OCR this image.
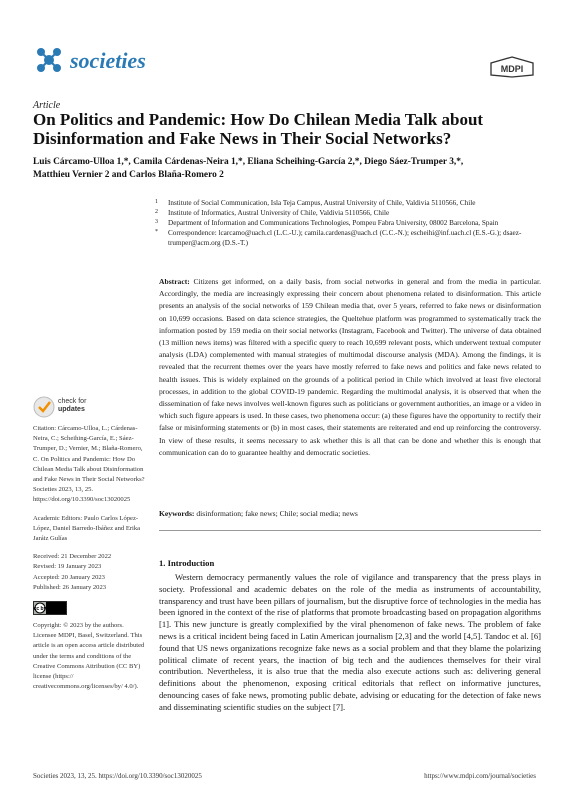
societies	MDPI
Article
On Politics and Pandemic: How Do Chilean Media Talk about Disinformation and Fake News in Their Social Networks?
Luis Cárcamo-Ulloa 1,*, Camila Cárdenas-Neira 1,*, Eliana Scheihing-García 2,*, Diego Sáez-Trumper 3,*,
Matthieu Vernier 2 and Carlos Blaña-Romero 2
1 Institute of Social Communication, Isla Teja Campus, Austral University of Chile, Valdivia 5110566, Chile
2 Institute of Informatics, Austral University of Chile, Valdivia 5110566, Chile
3 Department of Information and Communications Technologies, Pompeu Fabra University, 08002 Barcelona, Spain
* Correspondence: lcarcamo@uach.cl (L.C.-U.); camila.cardenas@uach.cl (C.C.-N.); escheihi@inf.uach.cl (E.S.-G.); dsaez-trumper@acm.org (D.S.-T.)
Abstract: Citizens get informed, on a daily basis, from social networks in general and from the media in particular. Accordingly, the media are increasingly expressing their concern about phenomena related to disinformation. This article presents an analysis of the social networks of 159 Chilean media that, over 5 years, referred to fake news or disinformation on 10,699 occasions. Based on data science strategies, the Queltehue platform was programmed to systematically track the information posted by 159 media on their social networks (Instagram, Facebook and Twitter). The universe of data obtained (13 million news items) was filtered with a specific query to reach 10,699 relevant posts, which underwent textual computer analysis (LDA) complemented with manual strategies of multimodal discourse analysis (MDA). Among the findings, it is revealed that the recurrent themes over the years have mostly referred to fake news and politics and fake news related to health issues. This is widely explained on the grounds of a political period in Chile which involved at least five electoral processes, in addition to the global COVID-19 pandemic. Regarding the multimodal analysis, it is observed that when the dissemination of fake news involves well-known figures such as politicians or government authorities, an image or a video in which such figure appears is used. In these cases, two phenomena occur: (a) these figures have the opportunity to rectify their false or misinforming statements or (b) in most cases, their statements are reiterated and end up reinforcing the controversy. In view of these results, it seems necessary to ask whether this is all that can be done and whether this is enough that communication can do to guarantee healthy and democratic societies.
Keywords: disinformation; fake news; Chile; social media; news
check for
updates

Citation: Cárcamo-Ulloa, L.; Cárdenas-Neira, C.; Scheihing-García, E.; Sáez-Trumper, D.; Vernier, M.; Blaña-Romero, C. On Politics and Pandemic: How Do Chilean Media Talk about Disinformation and Fake News in Their Social Networks? Societies 2023, 13, 25. https://doi.org/10.3390/soc13020025

Academic Editors: Paulo Carlos López-López, Daniel Barredo-Ibáñez and Erika Jaráiz Gulías

Received: 21 December 2022

Revised: 19 January 2023

Accepted: 20 January 2023

Published: 26 January 2023

cc by

Copyright: © 2023 by the authors. Licensee MDPI, Basel, Switzerland. This article is an open access article distributed under the terms and conditions of the Creative Commons Attribution (CC BY) license (https:// creativecommons.org/licenses/by/ 4.0/).

1. Introduction
Western democracy permanently values the role of vigilance and transparency that the press plays in society. Professional and academic debates on the role of the media as instruments of accountability, transparency and trust have been pillars of journalism, but the disruptive force of technologies in the media has been ignored in the context of the rise of platforms that promote broadcasting based on propagation algorithms [1]. This new juncture is greatly complexified by the viral phenomenon of fake news. The problem of fake news is a critical incident being faced in Latin American journalism [2,3] and the world [4,5]. Tandoc et al. [6] found that US news organizations recognize fake news as a social problem and that they blame the polarizing political climate of recent years, the inaction of big tech and the audiences themselves for their viral contribution. Nevertheless, it is also true that the media also execute actions such as: delivering general definitions about the phenomenon, exposing critical editorials that reflect on informative junctures, denouncing cases of fake news, promoting public debate, advising or educating for the detection of fake news and disseminating scientific studies on the subject [7].
Societies 2023, 13, 25. https://doi.org/10.3390/soc13020025	https://www.mdpi.com/journal/societies
